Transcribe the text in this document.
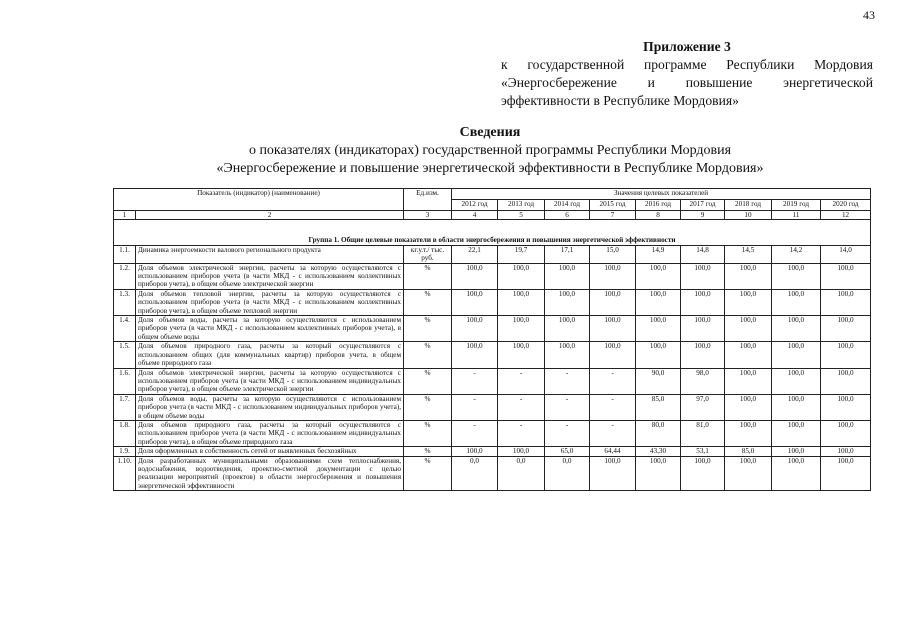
43
Приложение 3
к государственной программе Республики Мордовия
«Энергосбережение и повышение энергетической
эффективности в Республике Мордовия»
Сведения
о показателях (индикаторах) государственной программы Республики Мордовия
«Энергосбережение и повышение энергетической эффективности в Республике Мордовия»
Показатель (индикатор) (наименование)		Ед.изм.	Значения целевых показателей								
			2012 год	2013 год	2014 год	2015 год	2016 год	2017 год	2018 год	2019 год	2020 год
1	2	3	4	5	6	7	8	9	10	11	12
Группа 1. Общие целевые показатели в области энергосбережения и повышения энергетической эффективности											
1.1.	Динамика энергоемкости валового регионального продукта	кг.у.т./ тыс. руб.	22,1	19,7	17,1	15,0	14,9	14,8	14,5	14,2	14,0
1.2.	Доля объемов электрической энергии, расчеты за которую осуществляются с использованием приборов учета (в части МКД - с использованием коллективных приборов учета), в общем объеме электрической энергии	%	100,0	100,0	100,0	100,0	100,0	100,0	100,0	100,0	100,0
1.3.	Доля объемов тепловой энергии, расчеты за которую осуществляются с использованием приборов учета (в части МКД - с использованием коллективных приборов учета), в общем объеме тепловой энергии	%	100,0	100,0	100,0	100,0	100,0	100,0	100,0	100,0	100,0
1.4.	Доля объемов воды, расчеты за которую осуществляются с использованием приборов учета (в части МКД - с использованием коллективных приборов учета), в общем объеме воды	%	100,0	100,0	100,0	100,0	100,0	100,0	100,0	100,0	100,0
1.5.	Доля объемов природного газа, расчеты за который осуществляются с использованием общих (для коммунальных квартир) приборов учета, в общем объеме природного газа	%	100,0	100,0	100,0	100,0	100,0	100,0	100,0	100,0	100,0
1.6.	Доля объемов электрической энергии, расчеты за которую осуществляются с использованием приборов учета (в части МКД - с использованием индивидуальных приборов учета), в общем объеме электрической энергии	%	-	-	-	-	90,0	98,0	100,0	100,0	100,0
1.7.	Доля объемов воды, расчеты за которую осуществляются с использованием приборов учета (в части МКД - с использованием индивидуальных приборов учета), в общем объеме воды	%	-	-	-	-	85,0	97,0	100,0	100,0	100,0
1.8.	Доля объемов природного газа, расчеты за который осуществляются с использованием приборов учета (в части МКД - с использованием индивидуальных приборов учета), в общем объеме природного газа	%	-	-	-	-	80,0	81,0	100,0	100,0	100,0
1.9.	Доля оформленных в собственность сетей от выявленных бесхозяйных	%	100,0	100,0	65,0	64,44	43,30	53,1	85,0	100,0	100,0
1.10.	Доля разработанных муниципальными образованиями схем теплоснабжения, водоснабжения, водоотведения, проектно-сметной документации с целью реализации мероприятий (проектов) в области энергосбережения и повышения энергетической эффективности	%	0,0	0,0	0,0	100,0	100,0	100,0	100,0	100,0	100,0
